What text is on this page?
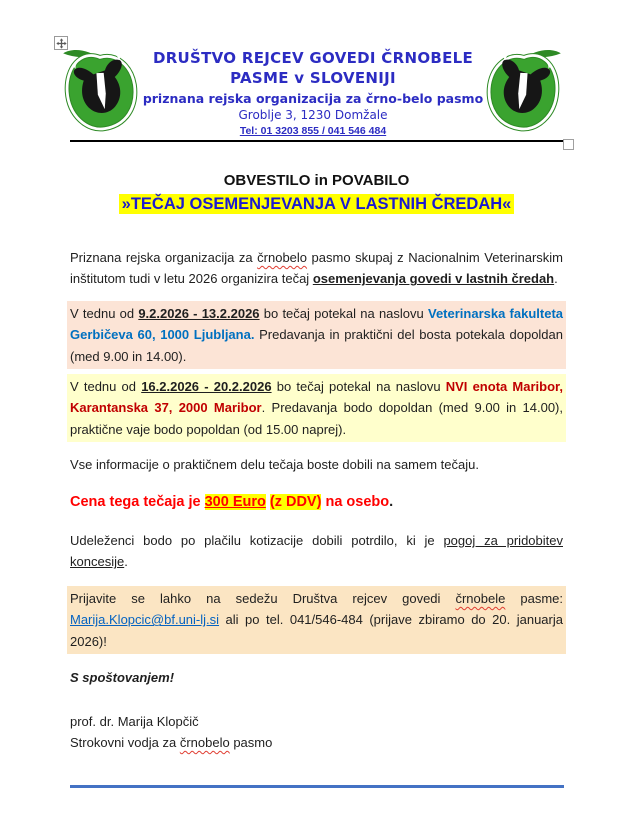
DRUŠTVO REJCEV GOVEDI ČRNOBELE
PASME v SLOVENIJI
priznana rejska organizacija za črno-belo pasmo
Groblje 3, 1230 Domžale
Tel: 01 3203 855 / 041 546 484
OBVESTILO in POVABILO
»TEČAJ OSEMENJEVANJA V LASTNIH ČREDAH«
Priznana rejska organizacija za črnobelo pasmo skupaj z Nacionalnim Veterinarskim inštitutom tudi v letu 2026 organizira tečaj osemenjevanja govedi v lastnih čredah.
V tednu od 9.2.2026 - 13.2.2026 bo tečaj potekal na naslovu Veterinarska fakulteta Gerbičeva 60, 1000 Ljubljana. Predavanja in praktični del bosta potekala dopoldan (med 9.00 in 14.00).
V tednu od 16.2.2026 - 20.2.2026 bo tečaj potekal na naslovu NVI enota Maribor, Karantanska 37, 2000 Maribor. Predavanja bodo dopoldan (med 9.00 in 14.00), praktične vaje bodo popoldan (od 15.00 naprej).
Vse informacije o praktičnem delu tečaja boste dobili na samem tečaju.
Cena tega tečaja je 300 Euro (z DDV) na osebo.
Udeleženci bodo po plačilu kotizacije dobili potrdilo, ki je pogoj za pridobitev koncesije.
Prijavite se lahko na sedežu Društva rejcev govedi črnobele pasme: Marija.Klopcic@bf.uni-lj.si ali po tel. 041/546-484 (prijave zbiramo do 20. januarja 2026)!
S spoštovanjem!
prof. dr. Marija Klopčič
Strokovni vodja za črnobelo pasmo
